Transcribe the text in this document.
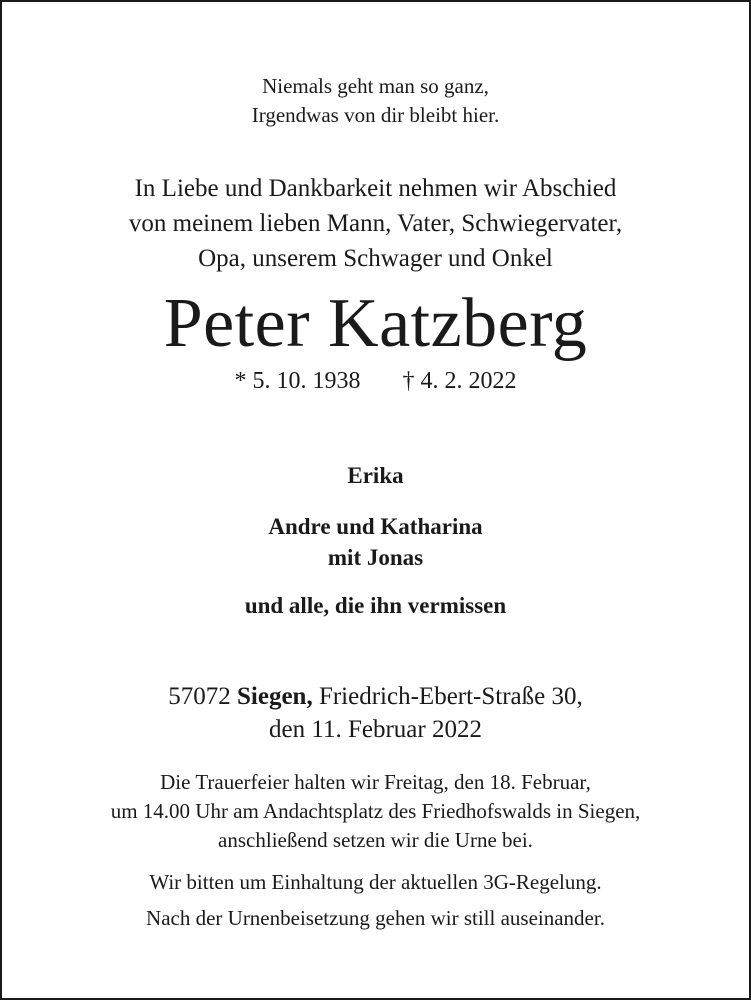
Niemals geht man so ganz,
Irgendwas von dir bleibt hier.
In Liebe und Dankbarkeit nehmen wir Abschied
von meinem lieben Mann, Vater, Schwiegervater,
Opa, unserem Schwager und Onkel
Peter Katzberg
* 5. 10. 1938 † 4. 2. 2022
Erika
Andre und Katharina
mit Jonas
und alle, die ihn vermissen
57072 Siegen, Friedrich-Ebert-Straße 30,
den 11. Februar 2022
Die Trauerfeier halten wir Freitag, den 18. Februar,
um 14.00 Uhr am Andachtsplatz des Friedhofswalds in Siegen,
anschließend setzen wir die Urne bei.
Wir bitten um Einhaltung der aktuellen 3G-Regelung.
Nach der Urnenbeisetzung gehen wir still auseinander.
